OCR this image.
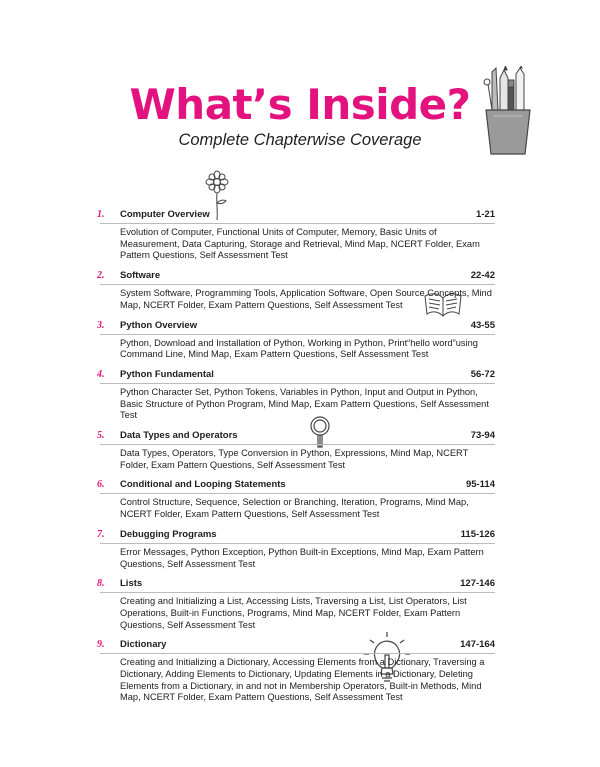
What’s Inside?
Complete Chapterwise Coverage
1.	Computer Overview	1-21
Evolution of Computer, Functional Units of Computer, Memory, Basic Units of Measurement, Data Capturing, Storage and Retrieval, Mind Map, NCERT Folder, Exam Pattern Questions, Self Assessment Test
2.	Software	22-42
System Software, Programming Tools, Application Software, Open Source Concepts, Mind Map, NCERT Folder, Exam Pattern Questions, Self Assessment Test
3.	Python Overview	43-55
Python, Download and Installation of Python, Working in Python, Print“hello word”using Command Line, Mind Map, Exam Pattern Questions, Self Assessment Test
4.	Python Fundamental	56-72
Python Character Set, Python Tokens, Variables in Python, Input and Output in Python, Basic Structure of Python Program, Mind Map, Exam Pattern Questions, Self Assessment Test
5.	Data Types and Operators	73-94
Data Types, Operators, Type Conversion in Python, Expressions, Mind Map, NCERT Folder, Exam Pattern Questions, Self Assessment Test
6.	Conditional and Looping Statements	95-114
Control Structure, Sequence, Selection or Branching, Iteration, Programs, Mind Map, NCERT Folder, Exam Pattern Questions, Self Assessment Test
7.	Debugging Programs	115-126
Error Messages, Python Exception, Python Built-in Exceptions, Mind Map, Exam Pattern Questions, Self Assessment Test
8.	Lists	127-146
Creating and Initializing a List, Accessing Lists, Traversing a List, List Operators, List Operations, Built-in Functions, Programs, Mind Map, NCERT Folder, Exam Pattern Questions, Self Assessment Test
9.	Dictionary	147-164
Creating and Initializing a Dictionary, Accessing Elements from a Dictionary, Traversing a Dictionary, Adding Elements to Dictionary, Updating Elements in a Dictionary, Deleting Elements from a Dictionary, in and not in Membership Operators, Built-in Methods, Mind Map, NCERT Folder, Exam Pattern Questions, Self Assessment Test
